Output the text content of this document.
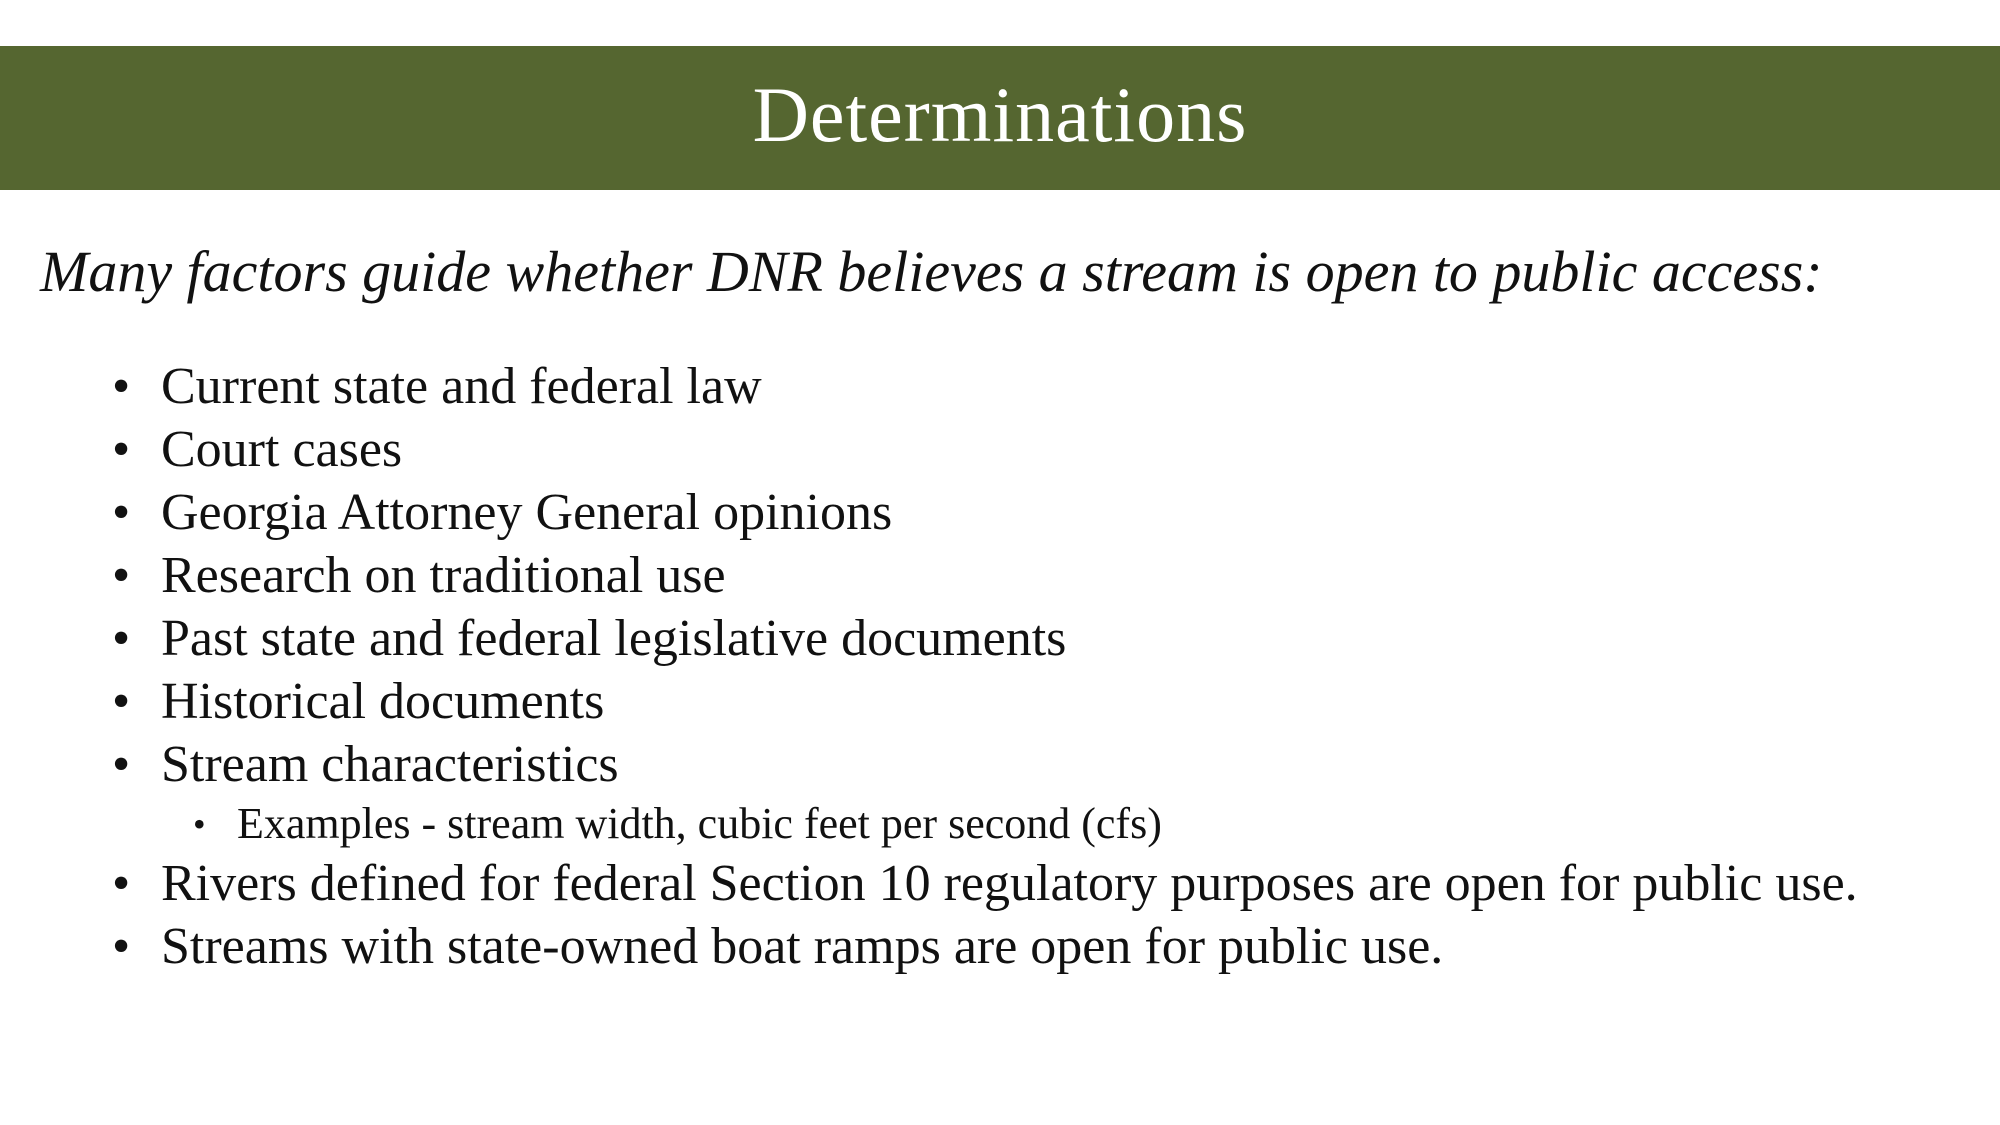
Determinations
Many factors guide whether DNR believes a stream is open to public access:
• Current state and federal law
• Court cases
• Georgia Attorney General opinions
• Research on traditional use
• Past state and federal legislative documents
• Historical documents
• Stream characteristics
• Examples - stream width, cubic feet per second (cfs)
• Rivers defined for federal Section 10 regulatory purposes are open for public use.
• Streams with state-owned boat ramps are open for public use.
